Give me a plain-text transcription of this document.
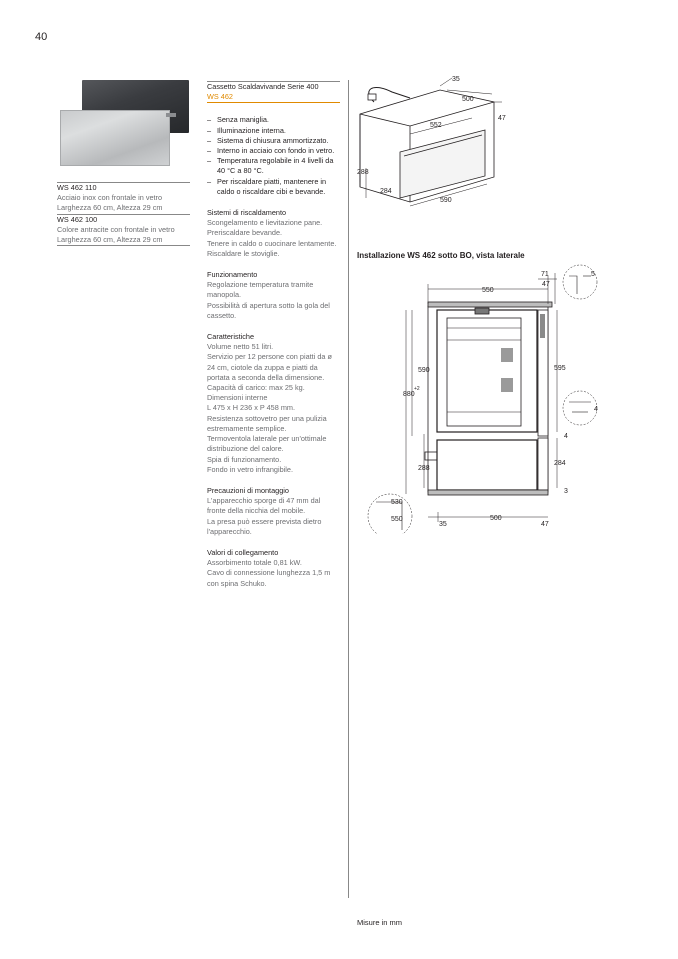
40
WS 462 110
Acciaio inox con frontale in vetro
Larghezza 60 cm, Altezza 29 cm
WS 462 100
Colore antracite con frontale in vetro
Larghezza 60 cm, Altezza 29 cm
Cassetto Scaldavivande Serie 400
WS 462
– Senza maniglia.
– Illuminazione interna.
– Sistema di chiusura ammortizzato.
– Interno in acciaio con fondo in vetro.
– Temperatura regolabile in 4 livelli da 40 °C a 80 °C.
– Per riscaldare piatti, mantenere in caldo o riscaldare cibi e bevande.
Sistemi di riscaldamento
Scongelamento e lievitazione pane.
Preriscaldare bevande.
Tenere in caldo o cuocinare lentamente.
Riscaldare le stoviglie.
Funzionamento
Regolazione temperatura tramite manopola.
Possibilità di apertura sotto la gola del cassetto.
Caratteristiche
Volume netto 51 litri.
Servizio per 12 persone con piatti da ø 24 cm, ciotole da zuppa e piatti da portata a seconda della dimensione.
Capacità di carico: max 25 kg.
Dimensioni interne
L 475 x H 236 x P 458 mm.
Resistenza sottovetro per una pulizia estremamente semplice.
Termoventola laterale per un'ottimale distribuzione del calore.
Spia di funzionamento.
Fondo in vetro infrangibile.
Precauzioni di montaggio
L'apparecchio sporge di 47 mm dal fronte della nicchia del mobile.
La presa può essere prevista dietro l'apparecchio.
Valori di collegamento
Assorbimento totale 0,81 kW.
Cavo di connessione lunghezza 1,5 m con spina Schuko.
35
500
47
552
288
284
590
Installazione WS 462 sotto BO, vista laterale
71	5
550
47
590	595
880
+2
4
4
288
284
3
530
550
35
500
47
Misure in mm
